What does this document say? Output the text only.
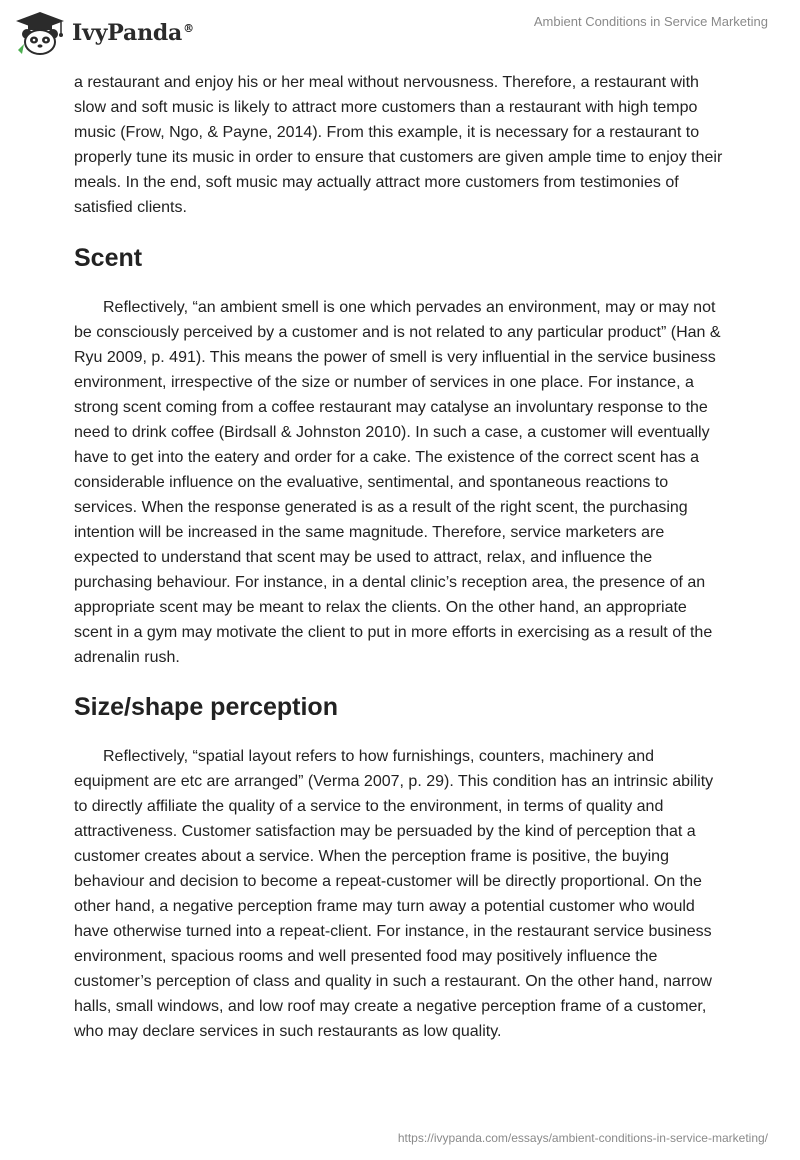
IvyPanda®	Ambient Conditions in Service Marketing

a restaurant and enjoy his or her meal without nervousness. Therefore, a restaurant with slow and soft music is likely to attract more customers than a restaurant with high tempo music (Frow, Ngo, & Payne, 2014). From this example, it is necessary for a restaurant to properly tune its music in order to ensure that customers are given ample time to enjoy their meals. In the end, soft music may actually attract more customers from testimonies of satisfied clients.

Scent

Reflectively, “an ambient smell is one which pervades an environment, may or may not be consciously perceived by a customer and is not related to any particular product” (Han & Ryu 2009, p. 491). This means the power of smell is very influential in the service business environment, irrespective of the size or number of services in one place. For instance, a strong scent coming from a coffee restaurant may catalyse an involuntary response to the need to drink coffee (Birdsall & Johnston 2010). In such a case, a customer will eventually have to get into the eatery and order for a cake. The existence of the correct scent has a considerable influence on the evaluative, sentimental, and spontaneous reactions to services. When the response generated is as a result of the right scent, the purchasing intention will be increased in the same magnitude. Therefore, service marketers are expected to understand that scent may be used to attract, relax, and influence the purchasing behaviour. For instance, in a dental clinic’s reception area, the presence of an appropriate scent may be meant to relax the clients. On the other hand, an appropriate scent in a gym may motivate the client to put in more efforts in exercising as a result of the adrenalin rush.

Size/shape perception

Reflectively, “spatial layout refers to how furnishings, counters, machinery and equipment are etc are arranged” (Verma 2007, p. 29). This condition has an intrinsic ability to directly affiliate the quality of a service to the environment, in terms of quality and attractiveness. Customer satisfaction may be persuaded by the kind of perception that a customer creates about a service. When the perception frame is positive, the buying behaviour and decision to become a repeat-customer will be directly proportional. On the other hand, a negative perception frame may turn away a potential customer who would have otherwise turned into a repeat-client. For instance, in the restaurant service business environment, spacious rooms and well presented food may positively influence the customer’s perception of class and quality in such a restaurant. On the other hand, narrow halls, small windows, and low roof may create a negative perception frame of a customer, who may declare services in such restaurants as low quality.

https://ivypanda.com/essays/ambient-conditions-in-service-marketing/
